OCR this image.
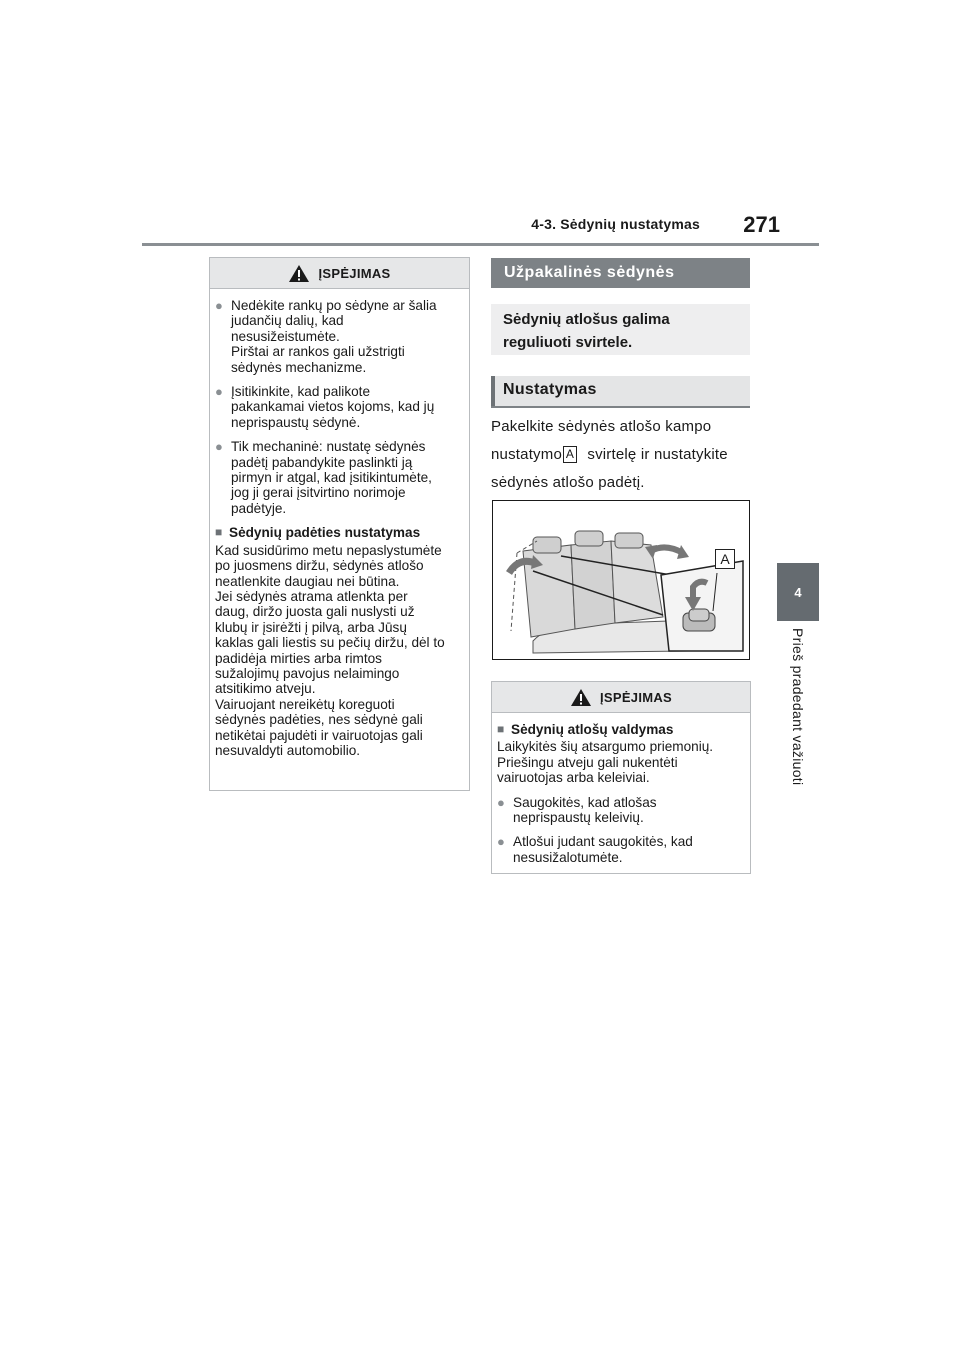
4-3. Sėdynių nustatymas	271
4
Prieš pradedant važiuoti
ĮSPĖJIMAS
● Nedėkite rankų po sėdyne ar šalia
judančių dalių, kad
nesusižeistumėte.
Pirštai ar rankos gali užstrigti
sėdynės mechanizme.
● Įsitikinkite, kad palikote
pakankamai vietos kojoms, kad jų
neprispaustų sėdynė.
● Tik mechaninė: nustatę sėdynės
padėtį pabandykite paslinkti ją
pirmyn ir atgal, kad įsitikintumėte,
jog ji gerai įsitvirtino norimoje
padėtyje.
■ Sėdynių padėties nustatymas
Kad susidūrimo metu nepaslystumėte
po juosmens diržu, sėdynės atlošo
neatlenkite daugiau nei būtina.
Jei sėdynės atrama atlenkta per
daug, diržo juosta gali nuslysti už
klubų ir įsirėžti į pilvą, arba Jūsų
kaklas gali liestis su pečių diržu, dėl to
padidėja mirties arba rimtos
sužalojimų pavojus nelaimingo
atsitikimo atveju.
Vairuojant nereikėtų koreguoti
sėdynės padėties, nes sėdynė gali
netikėtai pajudėti ir vairuotojas gali
nesuvaldyti automobilio.
Užpakalinės sėdynės
Sėdynių atlošus galima
reguliuoti svirtele.
Nustatymas
Pakelkite sėdynės atlošo kampo
nustatymo A svirtelę ir nustatykite
sėdynės atlošo padėtį.
A
ĮSPĖJIMAS
■ Sėdynių atlošų valdymas
Laikykitės šių atsargumo priemonių.
Priešingu atveju gali nukentėti
vairuotojas arba keleiviai.
● Saugokitės, kad atlošas
neprispaustų keleivių.
● Atlošui judant saugokitės, kad
nesusižalotumėte.
